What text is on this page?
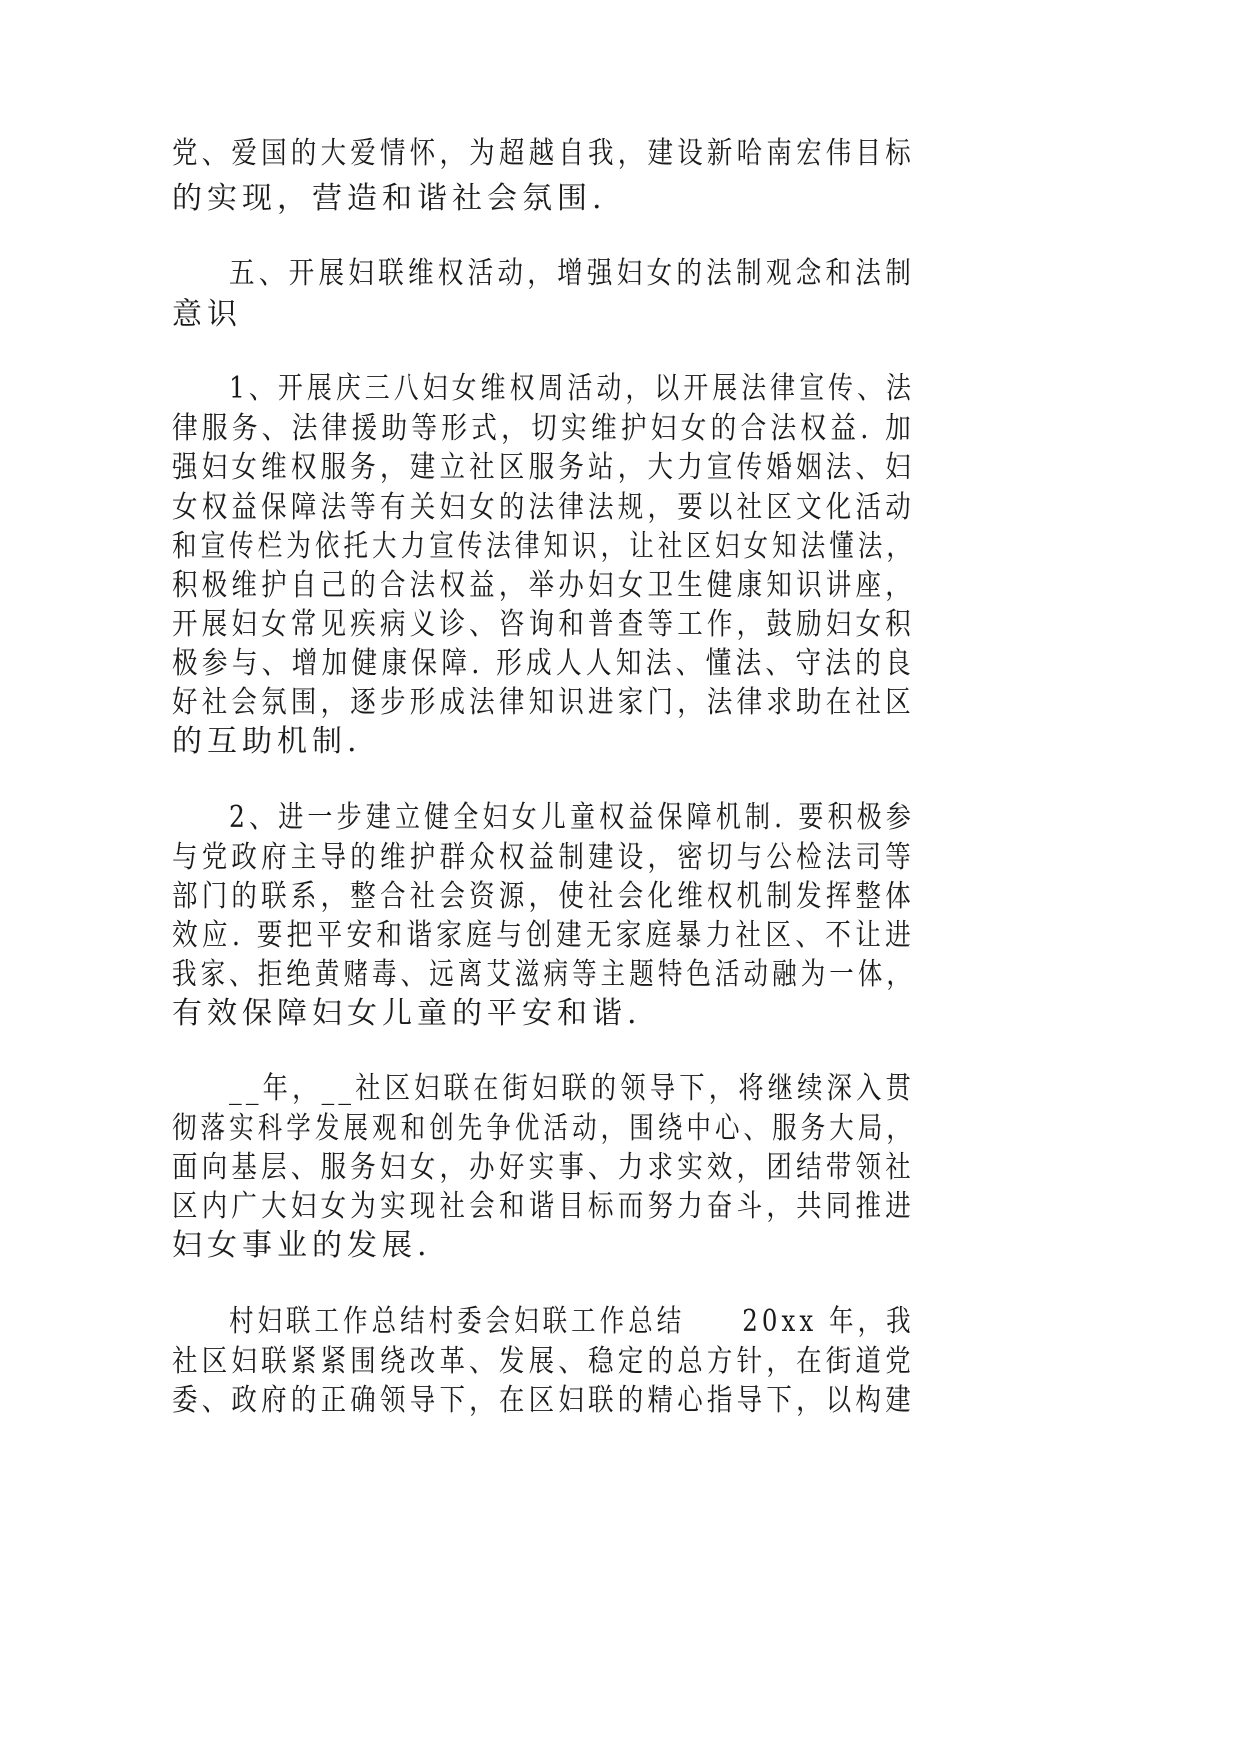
党、爱国的大爱情怀，为超越自我，建设新哈南宏伟目标
的实现，营造和谐社会氛围.
五、开展妇联维权活动，增强妇女的法制观念和法制
意识
1、开展庆三八妇女维权周活动，以开展法律宣传、法
律服务、法律援助等形式，切实维护妇女的合法权益. 加
强妇女维权服务，建立社区服务站，大力宣传婚姻法、妇
女权益保障法等有关妇女的法律法规，要以社区文化活动
和宣传栏为依托大力宣传法律知识，让社区妇女知法懂法，
积极维护自己的合法权益，举办妇女卫生健康知识讲座，
开展妇女常见疾病义诊、咨询和普查等工作，鼓励妇女积
极参与、增加健康保障. 形成人人知法、懂法、守法的良
好社会氛围，逐步形成法律知识进家门，法律求助在社区
的互助机制.
2、进一步建立健全妇女儿童权益保障机制. 要积极参
与党政府主导的维护群众权益制建设，密切与公检法司等
部门的联系，整合社会资源，使社会化维权机制发挥整体
效应. 要把平安和谐家庭与创建无家庭暴力社区、不让进
我家、拒绝黄赌毒、远离艾滋病等主题特色活动融为一体，
有效保障妇女儿童的平安和谐.
__年，__社区妇联在街妇联的领导下，将继续深入贯
彻落实科学发展观和创先争优活动，围绕中心、服务大局，
面向基层、服务妇女，办好实事、力求实效，团结带领社
区内广大妇女为实现社会和谐目标而努力奋斗，共同推进
妇女事业的发展.
村妇联工作总结村委会妇联工作总结　　20xx 年，我
社区妇联紧紧围绕改革、发展、稳定的总方针，在街道党
委、政府的正确领导下，在区妇联的精心指导下，以构建
